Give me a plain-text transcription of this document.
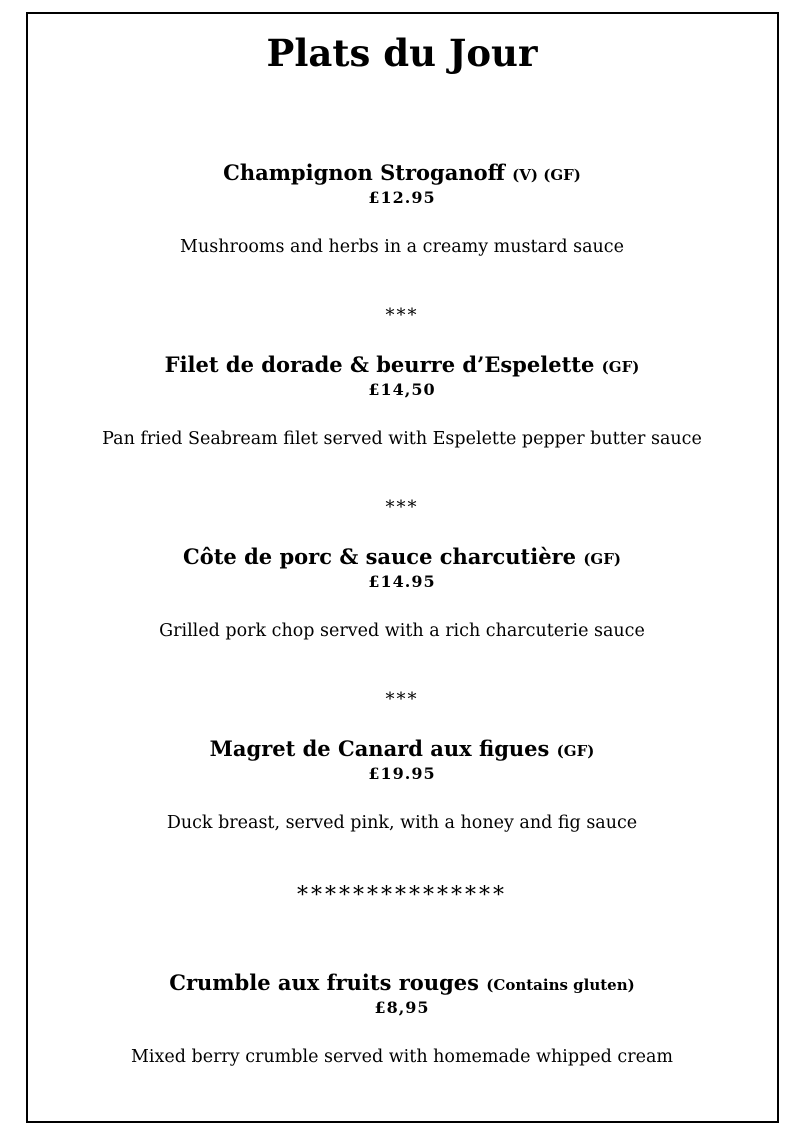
Plats du Jour
Champignon Stroganoff (V) (GF)
£12.95
Mushrooms and herbs in a creamy mustard sauce
***
Filet de dorade & beurre d’Espelette (GF)
£14,50
Pan fried Seabream filet served with Espelette pepper butter sauce
***
Côte de porc & sauce charcutière (GF)
£14.95
Grilled pork chop served with a rich charcuterie sauce
***
Magret de Canard aux figues (GF)
£19.95
Duck breast, served pink, with a honey and fig sauce
***************
Crumble aux fruits rouges (Contains gluten)
£8,95
Mixed berry crumble served with homemade whipped cream
